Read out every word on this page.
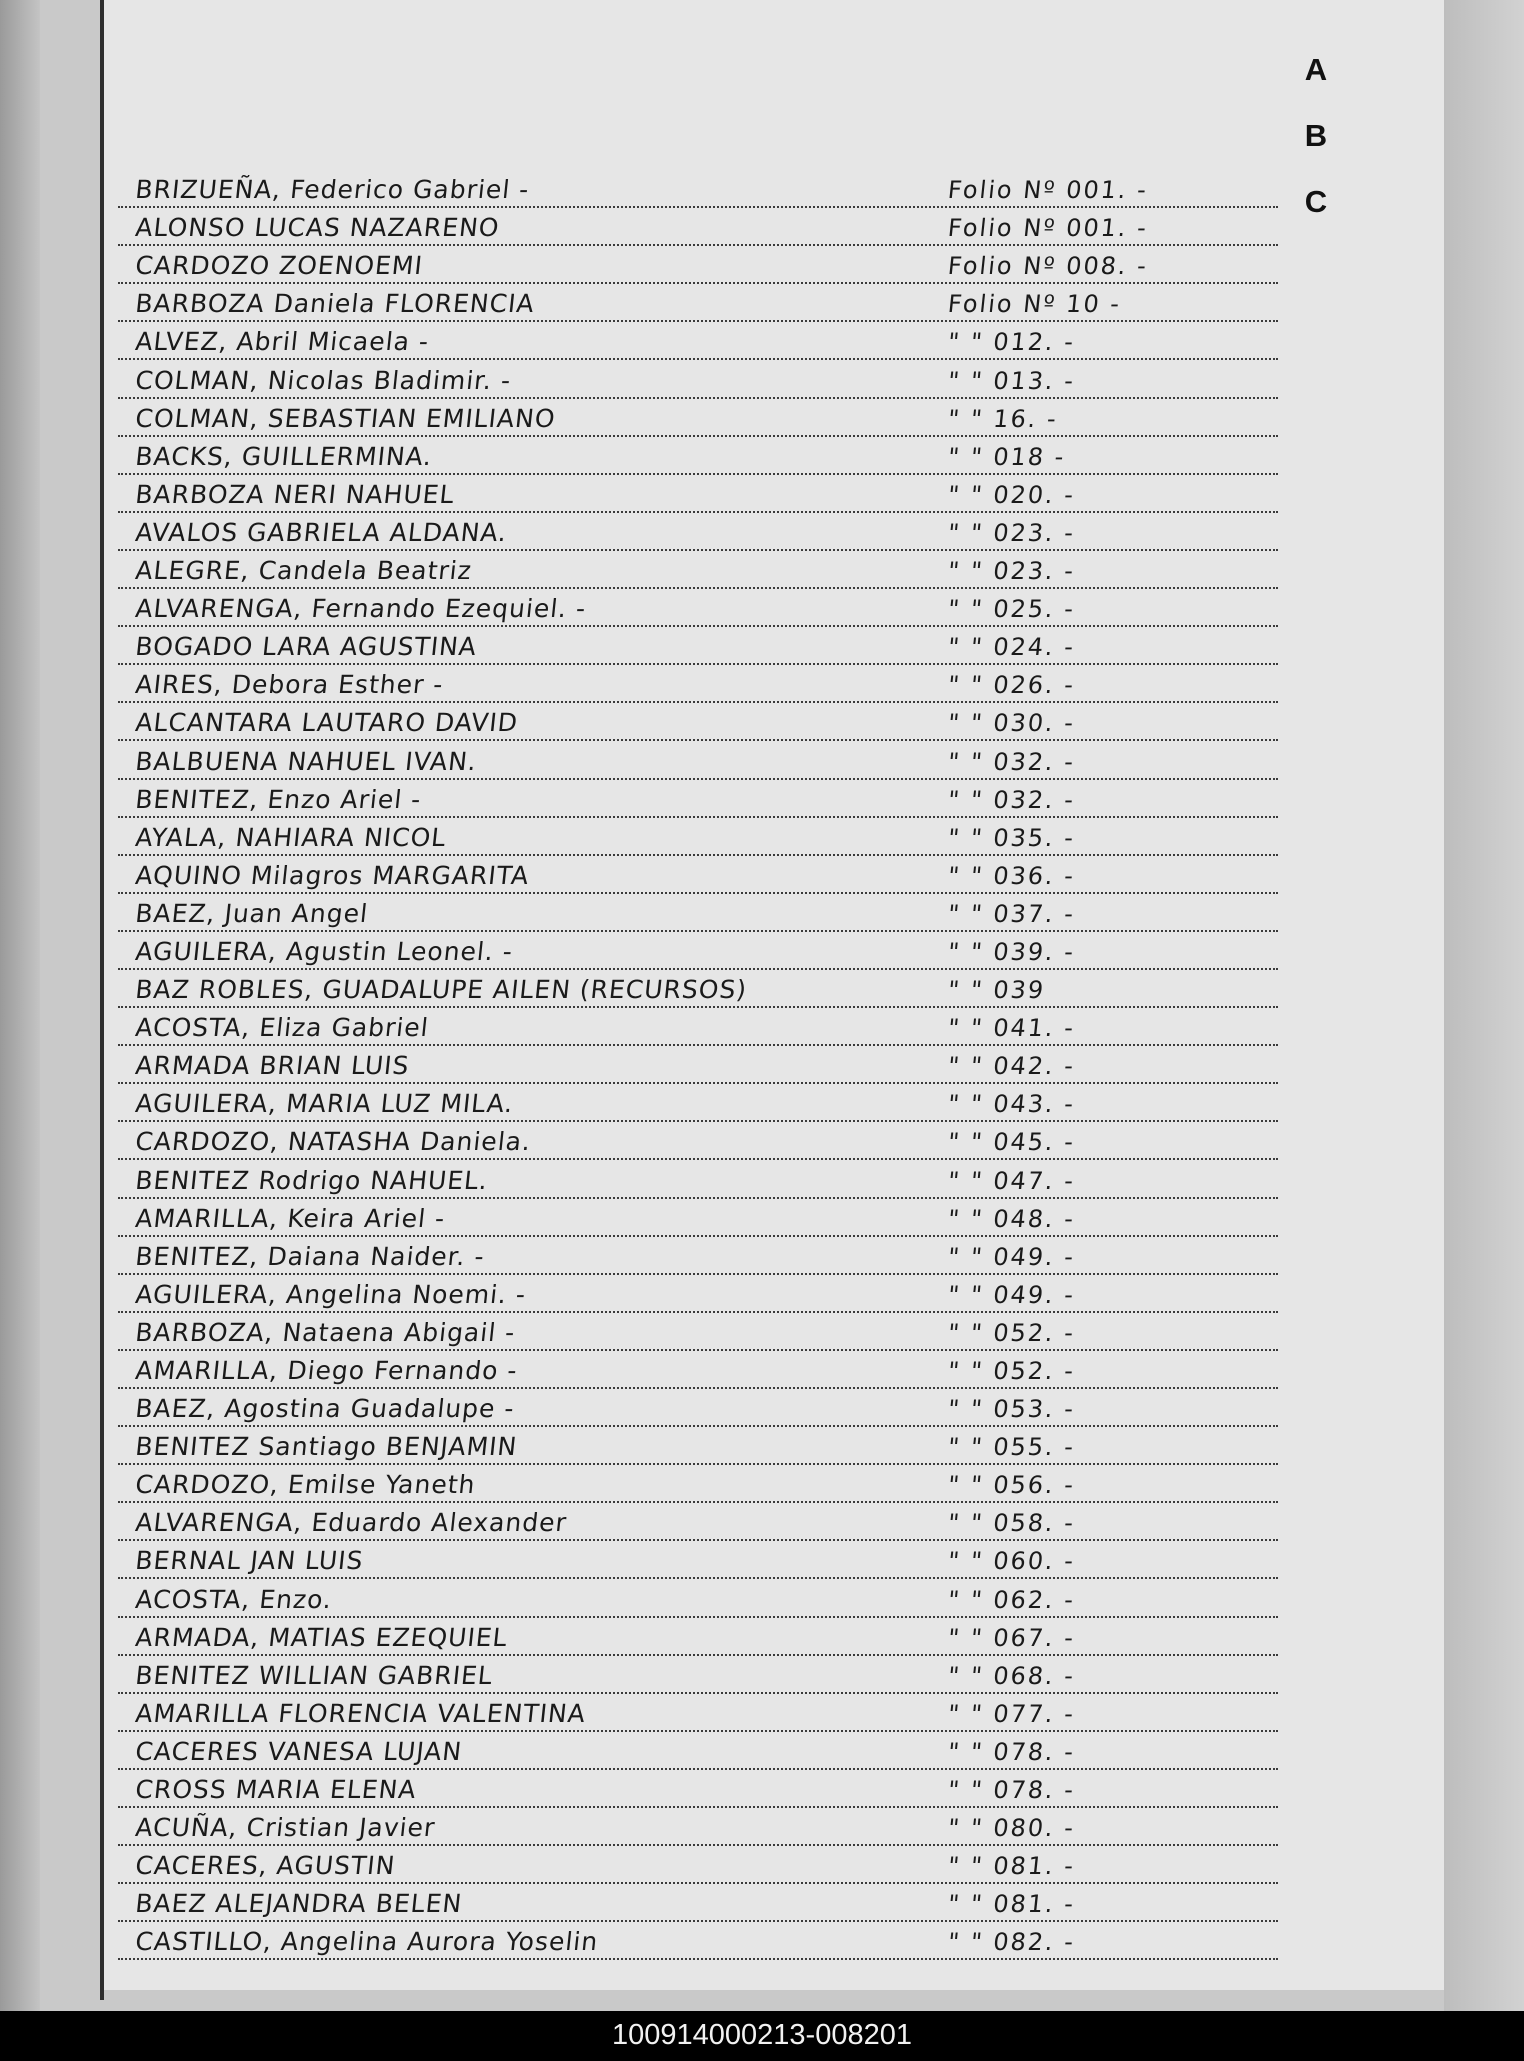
A
B
C
BRIZUEÑA, Federico Gabriel -	Folio Nº 001. -
ALONSO LUCAS NAZARENO	Folio Nº 001. -
CARDOZO ZOENOEMI	Folio Nº 008. -
BARBOZA Daniela FLORENCIA	Folio Nº 10 -
ALVEZ, Abril Micaela -	" " 012. -
COLMAN, Nicolas Bladimir. -	" " 013. -
COLMAN, SEBASTIAN EMILIANO	" " 16. -
BACKS, GUILLERMINA.	" " 018 -
BARBOZA NERI NAHUEL	" " 020. -
AVALOS GABRIELA ALDANA.	" " 023. -
ALEGRE, Candela Beatriz	" " 023. -
ALVARENGA, Fernando Ezequiel. -	" " 025. -
BOGADO LARA AGUSTINA	" " 024. -
AIRES, Debora Esther -	" " 026. -
ALCANTARA LAUTARO DAVID	" " 030. -
BALBUENA NAHUEL IVAN.	" " 032. -
BENITEZ, Enzo Ariel -	" " 032. -
AYALA, NAHIARA NICOL	" " 035. -
AQUINO Milagros MARGARITA	" " 036. -
BAEZ, Juan Angel	" " 037. -
AGUILERA, Agustin Leonel. -	" " 039. -
BAZ ROBLES, GUADALUPE AILEN (RECURSOS)	" " 039
ACOSTA, Eliza Gabriel	" " 041. -
ARMADA BRIAN LUIS	" " 042. -
AGUILERA, MARIA LUZ MILA.	" " 043. -
CARDOZO, NATASHA Daniela.	" " 045. -
BENITEZ Rodrigo NAHUEL.	" " 047. -
AMARILLA, Keira Ariel -	" " 048. -
BENITEZ, Daiana Naider. -	" " 049. -
AGUILERA, Angelina Noemi. -	" " 049. -
BARBOZA, Nataena Abigail -	" " 052. -
AMARILLA, Diego Fernando -	" " 052. -
BAEZ, Agostina Guadalupe -	" " 053. -
BENITEZ Santiago BENJAMIN	" " 055. -
CARDOZO, Emilse Yaneth	" " 056. -
ALVARENGA, Eduardo Alexander	" " 058. -
BERNAL JAN LUIS	" " 060. -
ACOSTA, Enzo.	" " 062. -
ARMADA, MATIAS EZEQUIEL	" " 067. -
BENITEZ WILLIAN GABRIEL	" " 068. -
AMARILLA FLORENCIA VALENTINA	" " 077. -
CACERES VANESA LUJAN	" " 078. -
CROSS MARIA ELENA	" " 078. -
ACUÑA, Cristian Javier	" " 080. -
CACERES, AGUSTIN	" " 081. -
BAEZ ALEJANDRA BELEN	" " 081. -
CASTILLO, Angelina Aurora Yoselin	" " 082. -
100914000213-008201
